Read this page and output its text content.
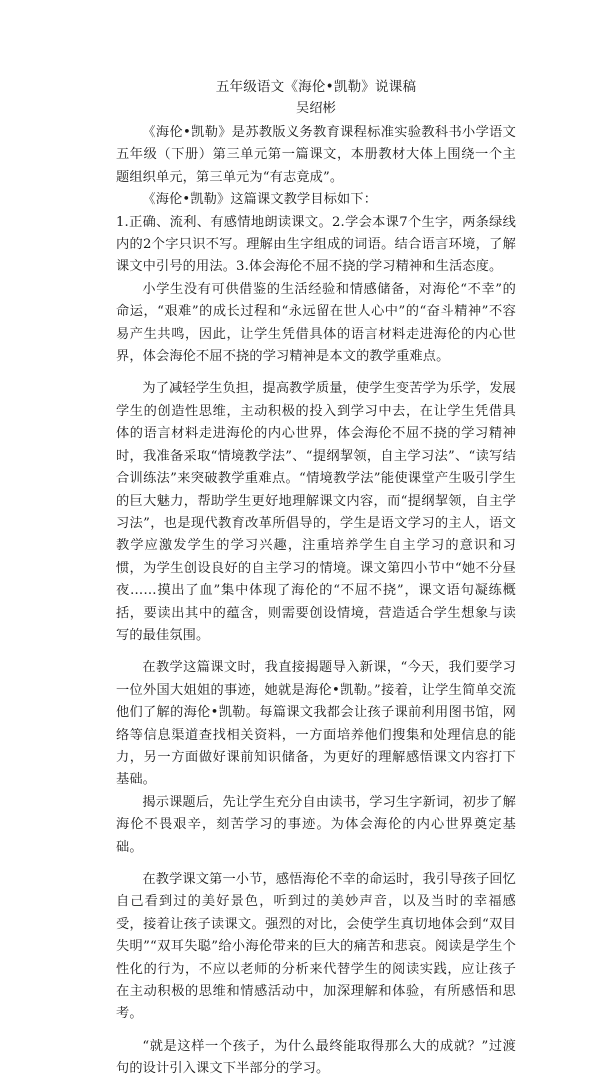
五年级语文《海伦•凯勒》说课稿
吴绍彬

《海伦•凯勒》是苏教版义务教育课程标准实验教科书小学语文五年级（下册）第三单元第一篇课文，本册教材大体上围绕一个主题组织单元，第三单元为“有志竟成”。

《海伦•凯勒》这篇课文教学目标如下：

1.正确、流利、有感情地朗读课文。2.学会本课7个生字，两条绿线内的2个字只识不写。理解由生字组成的词语。结合语言环境，了解课文中引号的用法。3.体会海伦不屈不挠的学习精神和生活态度。

小学生没有可供借鉴的生活经验和情感储备，对海伦“不幸”的命运，“艰难”的成长过程和“永远留在世人心中”的“奋斗精神”不容易产生共鸣，因此，让学生凭借具体的语言材料走进海伦的内心世界，体会海伦不屈不挠的学习精神是本文的教学重难点。

为了减轻学生负担，提高教学质量，使学生变苦学为乐学，发展学生的创造性思维，主动积极的投入到学习中去，在让学生凭借具体的语言材料走进海伦的内心世界，体会海伦不屈不挠的学习精神时，我准备采取“情境教学法”、“提纲挈领，自主学习法”、“读写结合训练法”来突破教学重难点。“情境教学法”能使课堂产生吸引学生的巨大魅力，帮助学生更好地理解课文内容，而“提纲挈领，自主学习法”，也是现代教育改革所倡导的，学生是语文学习的主人，语文教学应激发学生的学习兴趣，注重培养学生自主学习的意识和习惯，为学生创设良好的自主学习的情境。课文第四小节中“她不分昼夜……摸出了血”集中体现了海伦的“不屈不挠”，课文语句凝练概括，要读出其中的蕴含，则需要创设情境，营造适合学生想象与读写的最佳氛围。

在教学这篇课文时，我直接揭题导入新课，“今天，我们要学习一位外国大姐姐的事迹，她就是海伦•凯勒。”接着，让学生简单交流他们了解的海伦•凯勒。每篇课文我都会让孩子课前利用图书馆，网络等信息渠道查找相关资料，一方面培养他们搜集和处理信息的能力，另一方面做好课前知识储备，为更好的理解感悟课文内容打下基础。

揭示课题后，先让学生充分自由读书，学习生字新词，初步了解海伦不畏艰辛，刻苦学习的事迹。为体会海伦的内心世界奠定基础。

在教学课文第一小节，感悟海伦不幸的命运时，我引导孩子回忆自己看到过的美好景色，听到过的美妙声音，以及当时的幸福感受，接着让孩子读课文。强烈的对比，会使学生真切地体会到“双目失明”“双耳失聪”给小海伦带来的巨大的痛苦和悲哀。阅读是学生个性化的行为，不应以老师的分析来代替学生的阅读实践，应让孩子在主动积极的思维和情感活动中，加深理解和体验，有所感悟和思考。

“就是这样一个孩子，为什么最终能取得那么大的成就？”过渡句的设计引入课文下半部分的学习。
